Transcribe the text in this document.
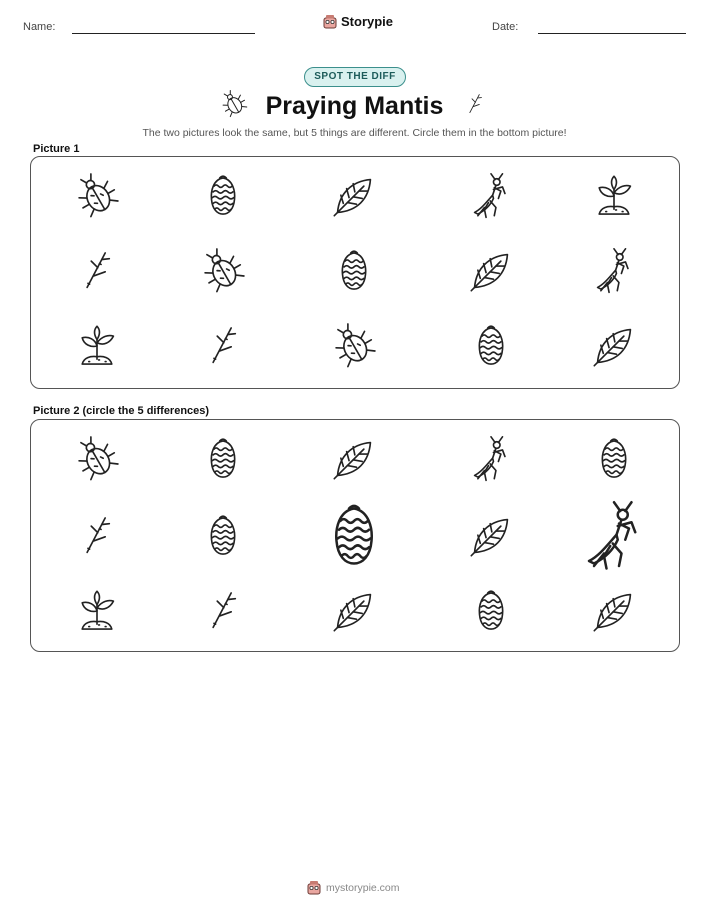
Name:	Storypie	Date:
SPOT THE DIFF
Praying Mantis
The two pictures look the same, but 5 things are different. Circle them in the bottom picture!
Picture 1
Picture 2 (circle the 5 differences)
mystorypie.com
